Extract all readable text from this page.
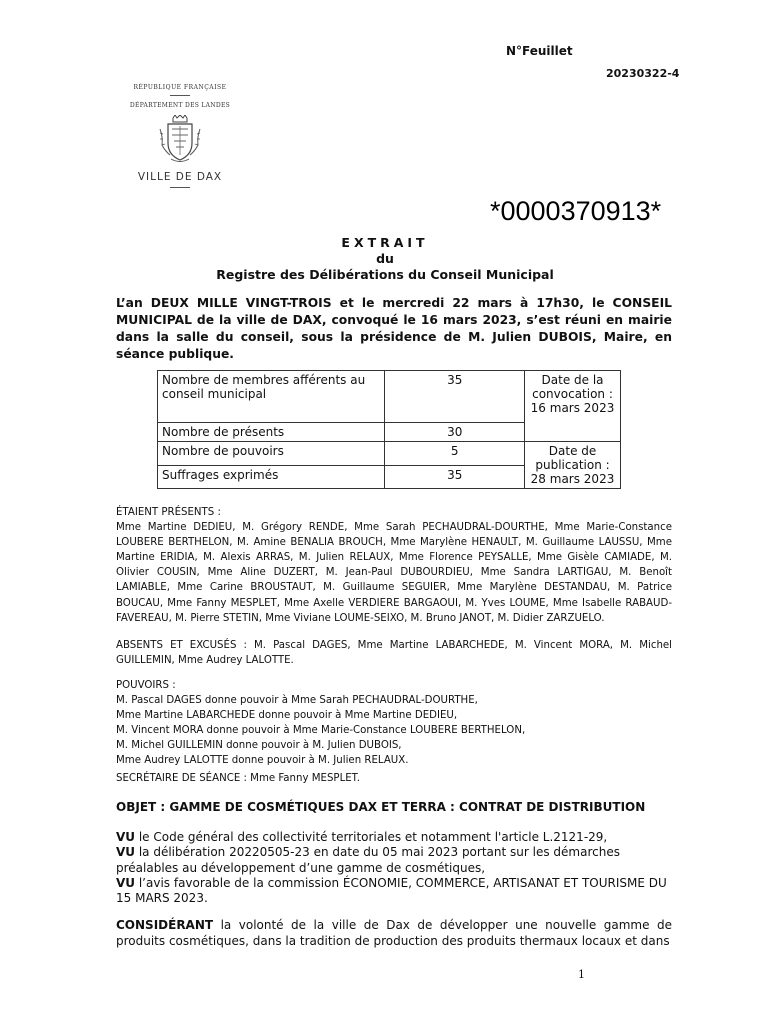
N°Feuillet
20230322-4
RÉPUBLIQUE FRANÇAISE
DÉPARTEMENT DES LANDES
VILLE DE DAX
*0000370913*
EXTRAIT
du
Registre des Délibérations du Conseil Municipal
L’an DEUX MILLE VINGT-TROIS et le mercredi 22 mars à 17h30, le CONSEIL MUNICIPAL de la ville de DAX, convoqué le 16 mars 2023, s’est réuni en mairie dans la salle du conseil, sous la présidence de M. Julien DUBOIS, Maire, en séance publique.
Nombre de membres afférents au conseil municipal	35	Date de la convocation : 16 mars 2023
Nombre de présents	30	
Nombre de pouvoirs	5	Date de publication : 28 mars 2023
Suffrages exprimés	35	
ÉTAIENT PRÉSENTS :
Mme Martine DEDIEU, M. Grégory RENDE, Mme Sarah PECHAUDRAL-DOURTHE, Mme Marie-Constance LOUBERE BERTHELON, M. Amine BENALIA BROUCH, Mme Marylène HENAULT, M. Guillaume LAUSSU, Mme Martine ERIDIA, M. Alexis ARRAS, M. Julien RELAUX, Mme Florence PEYSALLE, Mme Gisèle CAMIADE, M. Olivier COUSIN, Mme Aline DUZERT, M. Jean-Paul DUBOURDIEU, Mme Sandra LARTIGAU, M. Benoît LAMIABLE, Mme Carine BROUSTAUT, M. Guillaume SEGUIER, Mme Marylène DESTANDAU, M. Patrice BOUCAU, Mme Fanny MESPLET, Mme Axelle VERDIERE BARGAOUI, M. Yves LOUME, Mme Isabelle RABAUD-FAVEREAU, M. Pierre STETIN, Mme Viviane LOUME-SEIXO, M. Bruno JANOT, M. Didier ZARZUELO.
ABSENTS ET EXCUSÉS : M. Pascal DAGES, Mme Martine LABARCHEDE, M. Vincent MORA, M. Michel GUILLEMIN, Mme Audrey LALOTTE.
POUVOIRS :
M. Pascal DAGES donne pouvoir à Mme Sarah PECHAUDRAL-DOURTHE,
Mme Martine LABARCHEDE donne pouvoir à Mme Martine DEDIEU,
M. Vincent MORA donne pouvoir à Mme Marie-Constance LOUBERE BERTHELON,
M. Michel GUILLEMIN donne pouvoir à M. Julien DUBOIS,
Mme Audrey LALOTTE donne pouvoir à M. Julien RELAUX.
SECRÉTAIRE DE SÉANCE : Mme Fanny MESPLET.
OBJET : GAMME DE COSMÉTIQUES DAX ET TERRA : CONTRAT DE DISTRIBUTION
VU le Code général des collectivité territoriales et notamment l'article L.2121-29,
VU la délibération 20220505-23 en date du 05 mai 2023 portant sur les démarches préalables au développement d’une gamme de cosmétiques,
VU l’avis favorable de la commission ÉCONOMIE, COMMERCE, ARTISANAT ET TOURISME DU 15 MARS 2023.
CONSIDÉRANT la volonté de la ville de Dax de développer une nouvelle gamme de produits cosmétiques, dans la tradition de production des produits thermaux locaux et dans
1
